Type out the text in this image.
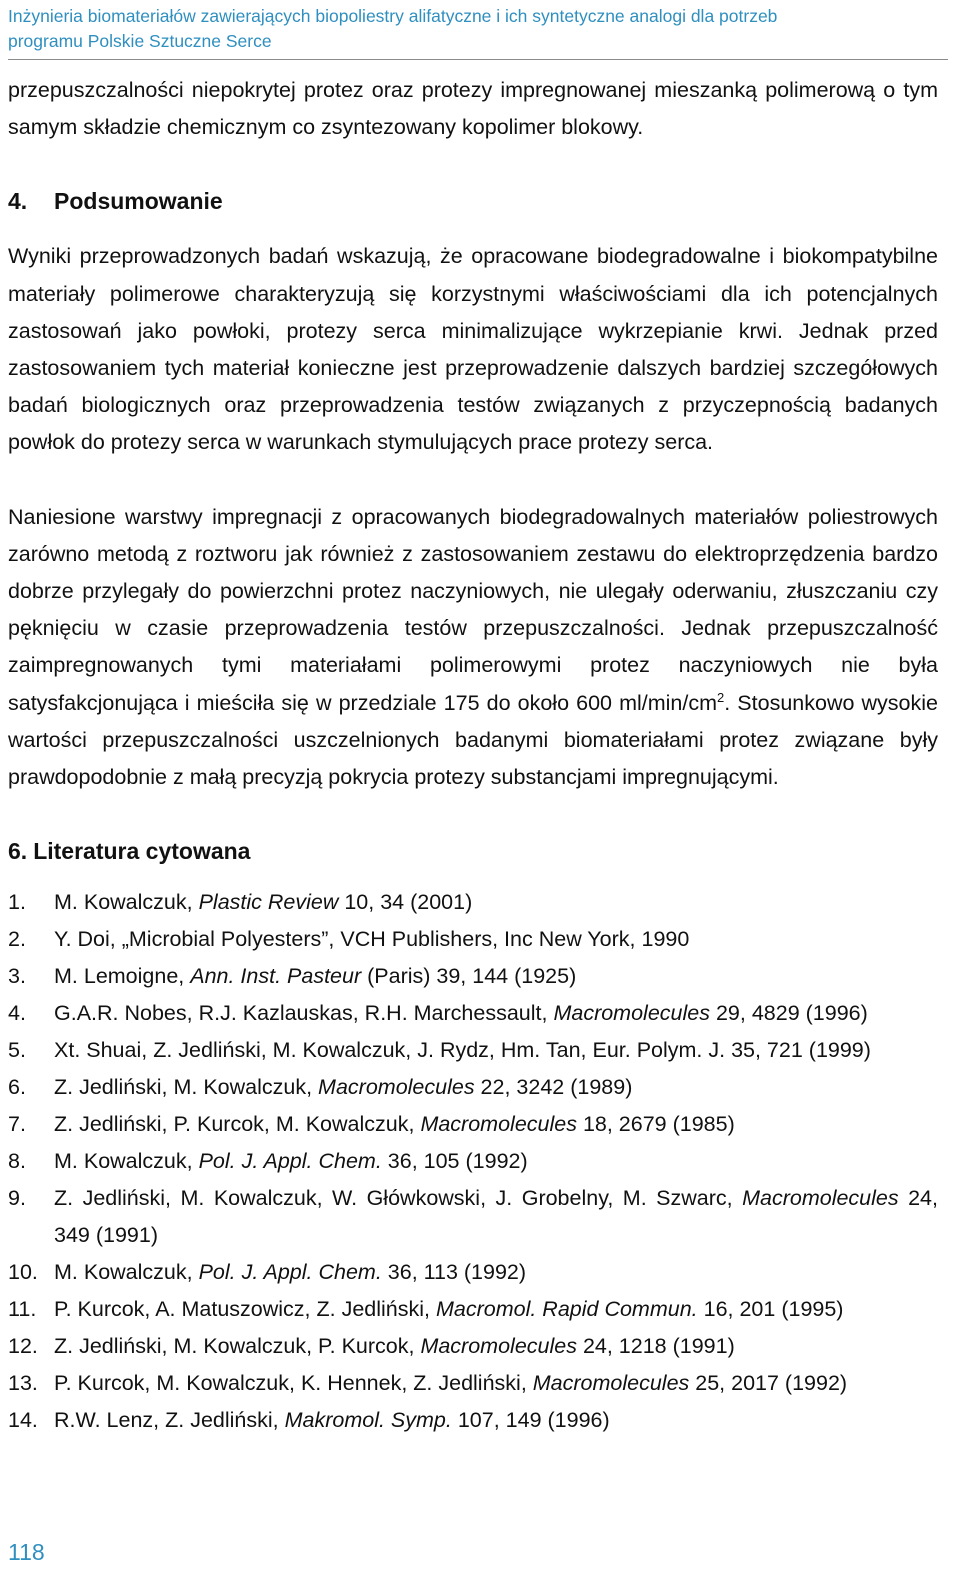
Inżynieria biomateriałów zawierających biopoliestry alifatyczne i ich syntetyczne analogi dla potrzeb
programu Polskie Sztuczne Serce

przepuszczalności niepokrytej protez oraz protezy impregnowanej mieszanką polimerową o tym samym składzie chemicznym co zsyntezowany kopolimer blokowy.

4.	Podsumowanie

Wyniki przeprowadzonych badań wskazują, że opracowane biodegradowalne i biokompatybilne materiały polimerowe charakteryzują się korzystnymi właściwościami dla ich potencjalnych zastosowań jako powłoki, protezy serca minimalizujące wykrzepianie krwi. Jednak przed zastosowaniem tych materiał konieczne jest przeprowadzenie dalszych bardziej szczegółowych badań biologicznych oraz przeprowadzenia testów związanych z przyczepnością badanych powłok do protezy serca w warunkach stymulujących prace protezy serca.

Naniesione warstwy impregnacji z opracowanych biodegradowalnych materiałów poliestrowych zarówno metodą z roztworu jak również z zastosowaniem zestawu do elektroprzędzenia bardzo dobrze przylegały do powierzchni protez naczyniowych, nie ulegały oderwaniu, złuszczaniu czy pęknięciu w czasie przeprowadzenia testów przepuszczalności. Jednak przepuszczalność zaimpregnowanych tymi materiałami polimerowymi protez naczyniowych nie była satysfakcjonująca i mieściła się w przedziale 175 do około 600 $ml/\min/cm^2$. Stosunkowo wysokie wartości przepuszczalności uszczelnionych badanymi biomateriałami protez związane były prawdopodobnie z małą precyzją pokrycia protezy substancjami impregnującymi.

6. Literatura cytowana
1.	M. Kowalczuk, Plastic Review 10, 34 (2001)
2.	Y. Doi, „Microbial Polyesters”, VCH Publishers, Inc New York, 1990
3.	M. Lemoigne, Ann. Inst. Pasteur (Paris) 39, 144 (1925)
4.	G.A.R. Nobes, R.J. Kazlauskas, R.H. Marchessault, Macromolecules 29, 4829 (1996)
5.	Xt. Shuai, Z. Jedliński, M. Kowalczuk, J. Rydz, Hm. Tan, Eur. Polym. J. 35, 721 (1999)
6.	Z. Jedliński, M. Kowalczuk, Macromolecules 22, 3242 (1989)
7.	Z. Jedliński, P. Kurcok, M. Kowalczuk, Macromolecules 18, 2679 (1985)
8.	M. Kowalczuk, Pol. J. Appl. Chem. 36, 105 (1992)
9.	Z. Jedliński, M. Kowalczuk, W. Główkowski, J. Grobelny, M. Szwarc, Macromolecules 24, 349 (1991)
10. M. Kowalczuk, Pol. J. Appl. Chem. 36, 113 (1992)
11. P. Kurcok, A. Matuszowicz, Z. Jedliński, Macromol. Rapid Commun. 16, 201 (1995)
12. Z. Jedliński, M. Kowalczuk, P. Kurcok, Macromolecules 24, 1218 (1991)
13. P. Kurcok, M. Kowalczuk, K. Hennek, Z. Jedliński, Macromolecules 25, 2017 (1992)
14. R.W. Lenz, Z. Jedliński, Makromol. Symp. 107, 149 (1996)
118
